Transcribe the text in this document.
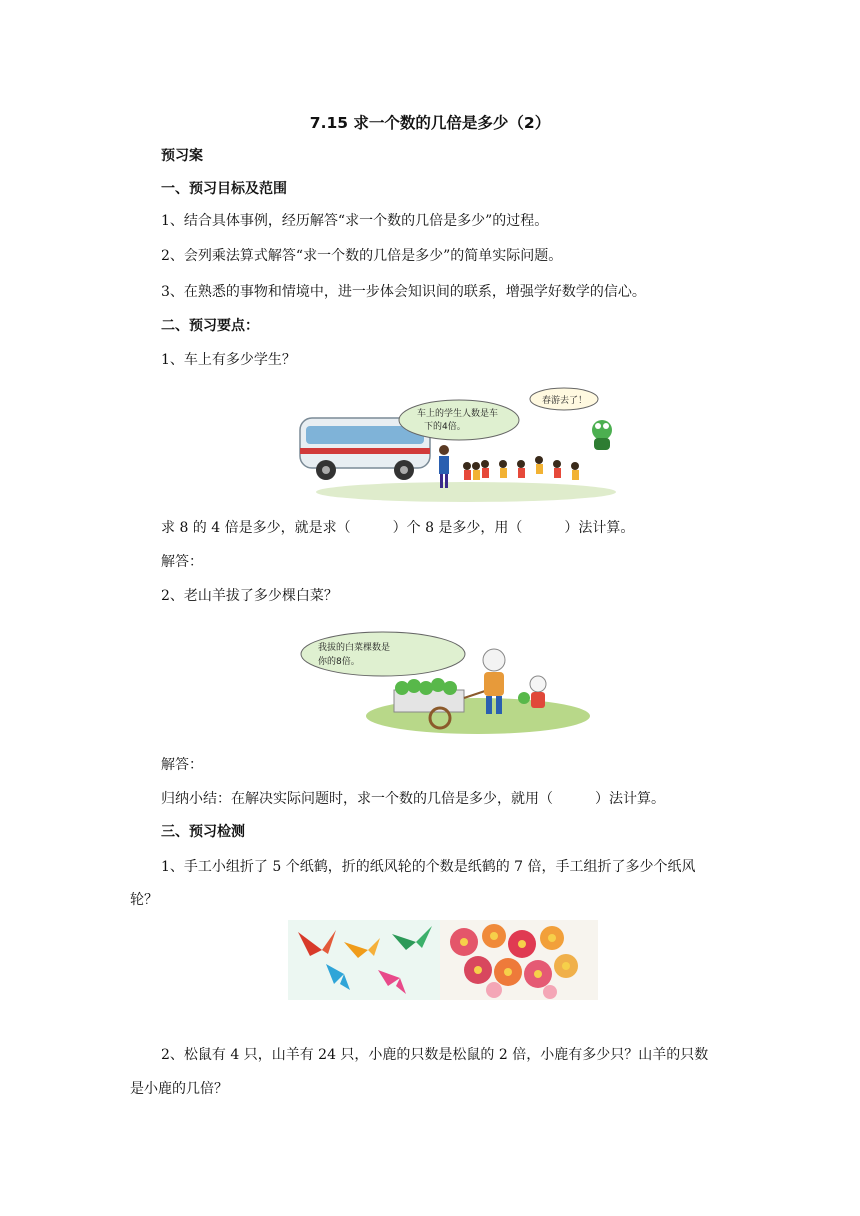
7.15 求一个数的几倍是多少（2）
预习案
一、预习目标及范围
1、结合具体事例，经历解答“求一个数的几倍是多少”的过程。
2、会列乘法算式解答“求一个数的几倍是多少”的简单实际问题。
3、在熟悉的事物和情境中，进一步体会知识间的联系，增强学好数学的信心。
二、预习要点：
1、车上有多少学生？
车上的学生人数是车
下的4倍。
春游去了！
求 8 的 4 倍是多少，就是求（　　　）个 8 是多少，用（　　　）法计算。
解答：
2、老山羊拔了多少棵白菜？
我拔的白菜棵数是
你的8倍。
解答：
归纳小结：在解决实际问题时，求一个数的几倍是多少，就用（　　　）法计算。
三、预习检测
1、手工小组折了 5 个纸鹤，折的纸风轮的个数是纸鹤的 7 倍，手工组折了多少个纸风
轮？
2、松鼠有 4 只，山羊有 24 只，小鹿的只数是松鼠的 2 倍，小鹿有多少只？山羊的只数
是小鹿的几倍？
